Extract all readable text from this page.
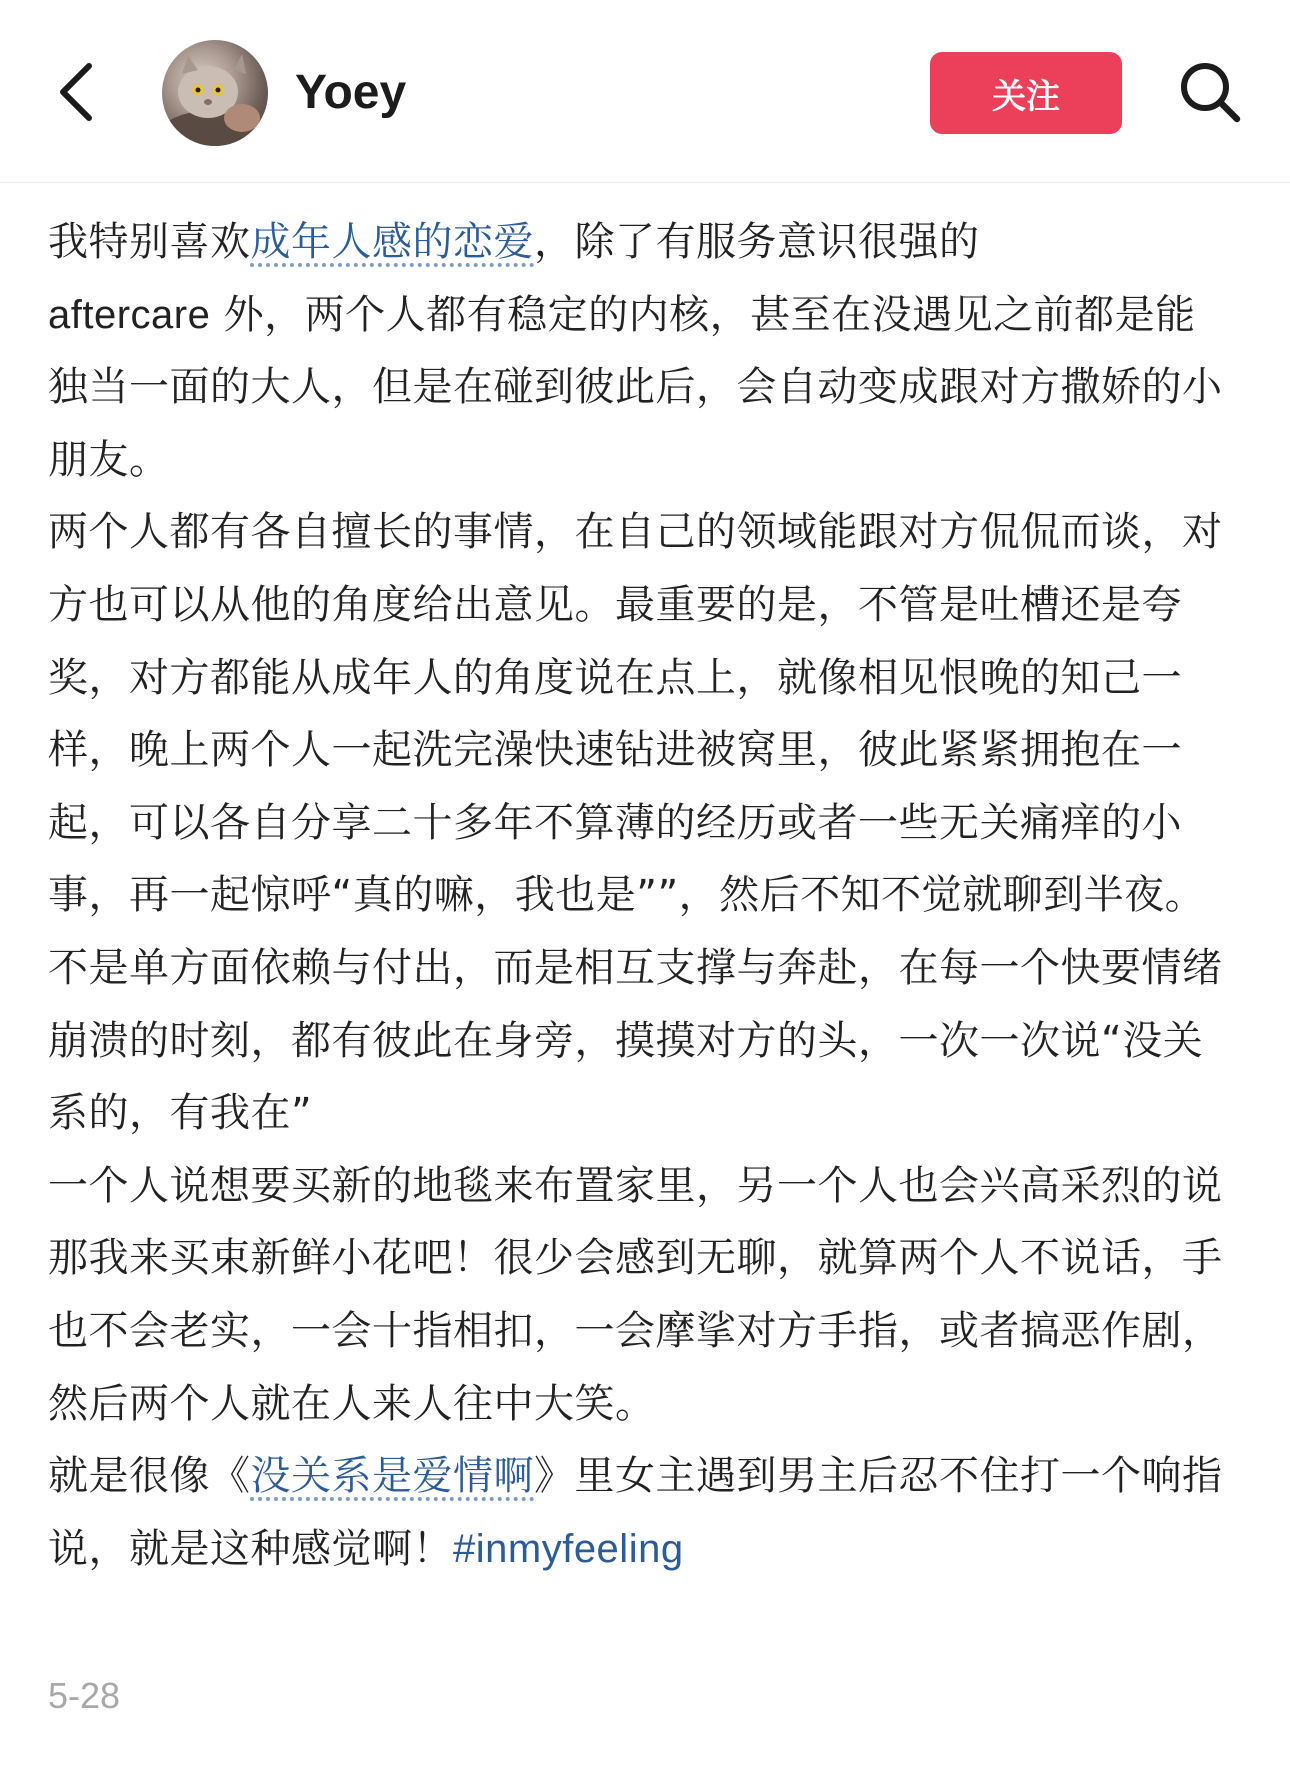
Yoey	关注

我特别喜欢成年人感的恋爱，除了有服务意识很强的
aftercare 外，两个人都有稳定的内核，甚至在没遇见之前都是能独当一面的大人，但是在碰到彼此后，会自动变成跟对方撒娇的小朋友。

两个人都有各自擅长的事情，在自己的领域能跟对方侃侃而谈，对方也可以从他的角度给出意见。最重要的是，不管是吐槽还是夸奖，对方都能从成年人的角度说在点上，就像相见恨晚的知己一样，晚上两个人一起洗完澡快速钻进被窝里，彼此紧紧拥抱在一起，可以各自分享二十多年不算薄的经历或者一些无关痛痒的小事，再一起惊呼“真的嘛，我也是””，然后不知不觉就聊到半夜。

不是单方面依赖与付出，而是相互支撑与奔赴，在每一个快要情绪崩溃的时刻，都有彼此在身旁，摸摸对方的头，一次一次说“没关系的，有我在”

一个人说想要买新的地毯来布置家里，另一个人也会兴高采烈的说那我来买束新鲜小花吧！很少会感到无聊，就算两个人不说话，手也不会老实，一会十指相扣，一会摩挲对方手指，或者搞恶作剧，然后两个人就在人来人往中大笑。

就是很像《没关系是爱情啊》里女主遇到男主后忍不住打一个响指说，就是这种感觉啊！#inmyfeeling

5-28
